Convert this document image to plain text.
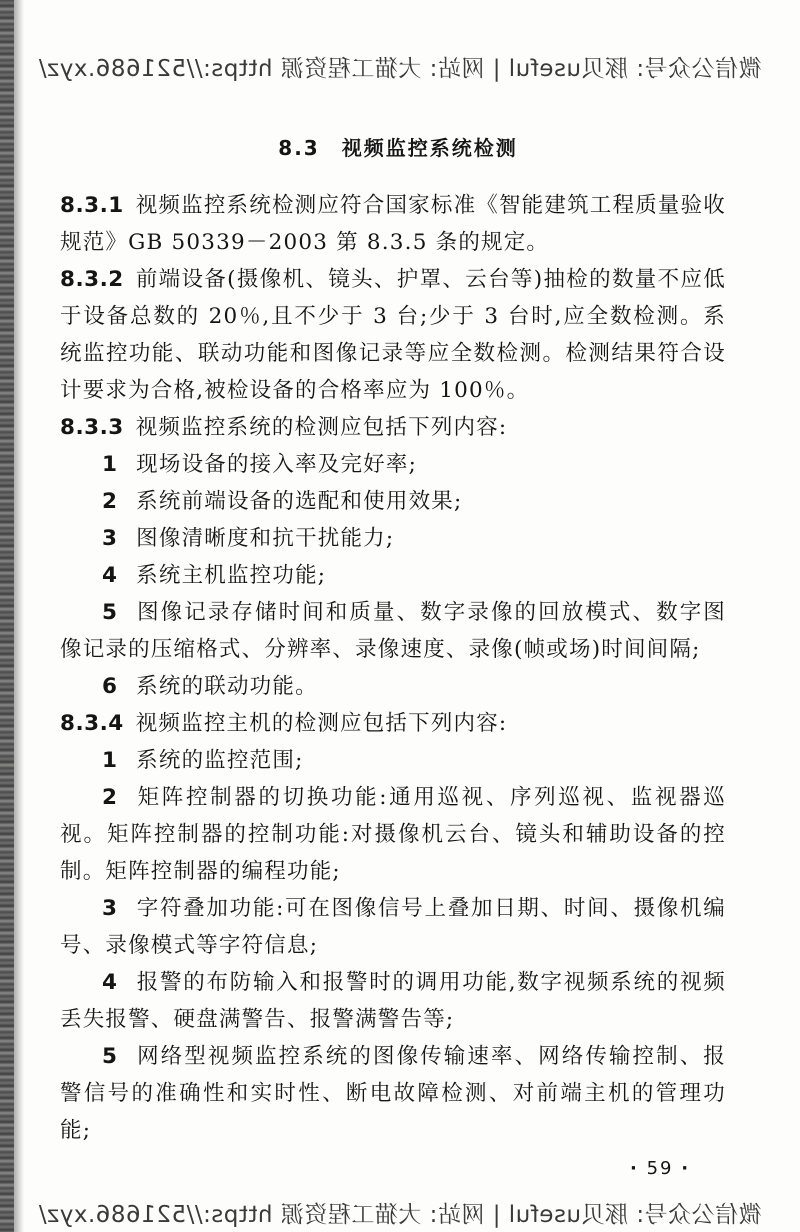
微信公众号: 豚贝useful | 网站: 大猫工程资源 https://521686.xyz/
8.3 视频监控系统检测

8.3.1 视频监控系统检测应符合国家标准《智能建筑工程质量验收规范》GB 50339－2003 第 8.3.5 条的规定。

8.3.2 前端设备(摄像机、镜头、护罩、云台等)抽检的数量不应低于设备总数的 20％,且不少于 3 台;少于 3 台时,应全数检测。系统监控功能、联动功能和图像记录等应全数检测。检测结果符合设计要求为合格,被检设备的合格率应为 100％。

8.3.3 视频监控系统的检测应包括下列内容:

1 现场设备的接入率及完好率;

2 系统前端设备的选配和使用效果;

3 图像清晰度和抗干扰能力;

4 系统主机监控功能;

5 图像记录存储时间和质量、数字录像的回放模式、数字图像记录的压缩格式、分辨率、录像速度、录像(帧或场)时间间隔;

6 系统的联动功能。

8.3.4 视频监控主机的检测应包括下列内容:

1 系统的监控范围;

2 矩阵控制器的切换功能:通用巡视、序列巡视、监视器巡视。矩阵控制器的控制功能:对摄像机云台、镜头和辅助设备的控制。矩阵控制器的编程功能;

3 字符叠加功能:可在图像信号上叠加日期、时间、摄像机编号、录像模式等字符信息;

4 报警的布防输入和报警时的调用功能,数字视频系统的视频丢失报警、硬盘满警告、报警满警告等;

5 网络型视频监控系统的图像传输速率、网络传输控制、报警信号的准确性和实时性、断电故障检测、对前端主机的管理功能;

· 59 ·
微信公众号: 豚贝useful | 网站: 大猫工程资源 https://521686.xyz/
